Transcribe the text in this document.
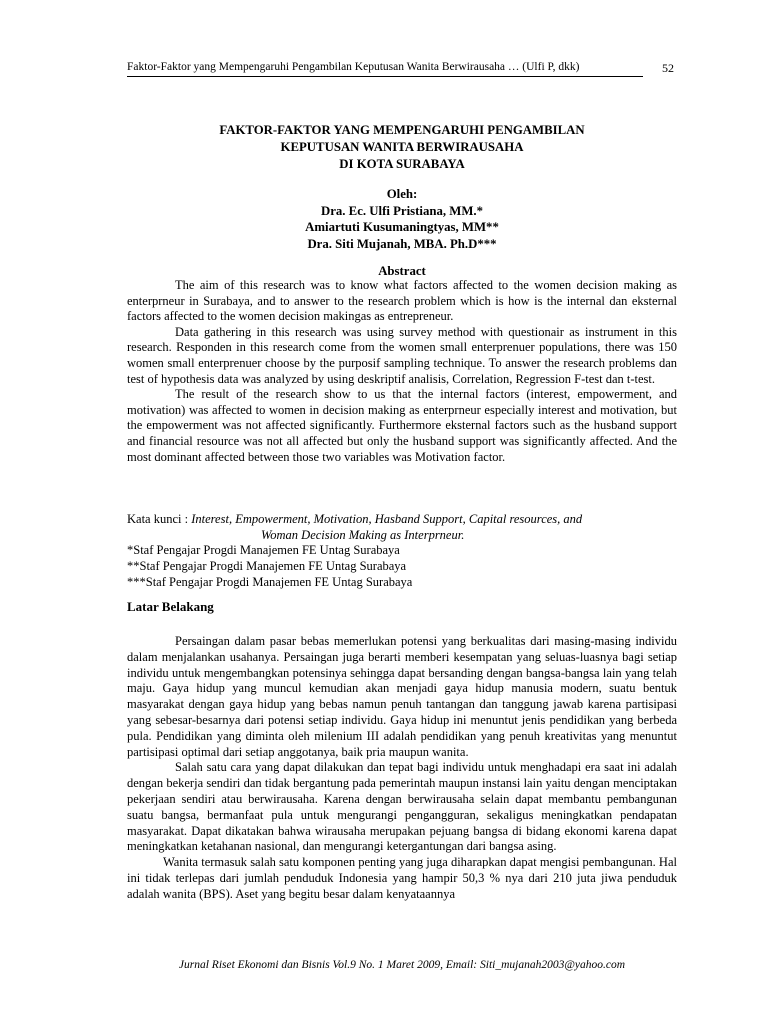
Faktor-Faktor yang Mempengaruhi Pengambilan Keputusan Wanita Berwirausaha … (Ulfi P, dkk)	52
FAKTOR-FAKTOR YANG MEMPENGARUHI PENGAMBILAN
KEPUTUSAN WANITA BERWIRAUSAHA
DI KOTA SURABAYA
Oleh:
Dra. Ec. Ulfi Pristiana, MM.*
Amiartuti Kusumaningtyas, MM**
Dra. Siti Mujanah, MBA. Ph.D***
Abstract

The aim of this research was to know what factors affected to the women decision making as enterprneur in Surabaya, and to answer to the research problem which is how is the internal dan eksternal factors affected to the women decision makingas as entrepreneur.

Data gathering in this research was using survey method with questionair as instrument in this research. Responden in this research come from the women small enterprenuer populations, there was 150 women small enterprenuer choose by the purposif sampling technique. To answer the research problems dan test of hypothesis data was analyzed by using deskriptif analisis, Correlation, Regression F-test dan t-test.

The result of the research show to us that the internal factors (interest, empowerment, and motivation) was affected to women in decision making as enterprneur especially interest and motivation, but the empowerment was not affected significantly. Furthermore eksternal factors such as the husband support and financial resource was not all affected but only the husband support was significantly affected. And the most dominant affected between those two variables was Motivation factor.

Kata kunci : Interest, Empowerment, Motivation, Hasband Support, Capital resources, and
Woman Decision Making as Interprneur.
*Staf Pengajar Progdi Manajemen FE Untag Surabaya
**Staf Pengajar Progdi Manajemen FE Untag Surabaya
***Staf Pengajar Progdi Manajemen FE Untag Surabaya
Latar Belakang

Persaingan dalam pasar bebas memerlukan potensi yang berkualitas dari masing-masing individu dalam menjalankan usahanya. Persaingan juga berarti memberi kesempatan yang seluas-luasnya bagi setiap individu untuk mengembangkan potensinya sehingga dapat bersanding dengan bangsa-bangsa lain yang telah maju. Gaya hidup yang muncul kemudian akan menjadi gaya hidup manusia modern, suatu bentuk masyarakat dengan gaya hidup yang bebas namun penuh tantangan dan tanggung jawab karena partisipasi yang sebesar-besarnya dari potensi setiap individu. Gaya hidup ini menuntut jenis pendidikan yang berbeda pula. Pendidikan yang diminta oleh milenium III adalah pendidikan yang penuh kreativitas yang menuntut partisipasi optimal dari setiap anggotanya, baik pria maupun wanita.

Salah satu cara yang dapat dilakukan dan tepat bagi individu untuk menghadapi era saat ini adalah dengan bekerja sendiri dan tidak bergantung pada pemerintah maupun instansi lain yaitu dengan menciptakan pekerjaan sendiri atau berwirausaha. Karena dengan berwirausaha selain dapat membantu pembangunan suatu bangsa, bermanfaat pula untuk mengurangi pengangguran, sekaligus meningkatkan pendapatan masyarakat. Dapat dikatakan bahwa wirausaha merupakan pejuang bangsa di bidang ekonomi karena dapat meningkatkan ketahanan nasional, dan mengurangi ketergantungan dari bangsa asing.

Wanita termasuk salah satu komponen penting yang juga diharapkan dapat mengisi pembangunan. Hal ini tidak terlepas dari jumlah penduduk Indonesia yang hampir 50,3 % nya dari 210 juta jiwa penduduk adalah wanita (BPS). Aset yang begitu besar dalam kenyataannya

Jurnal Riset Ekonomi dan Bisnis Vol.9 No. 1 Maret 2009, Email: Siti_mujanah2003@yahoo.com
